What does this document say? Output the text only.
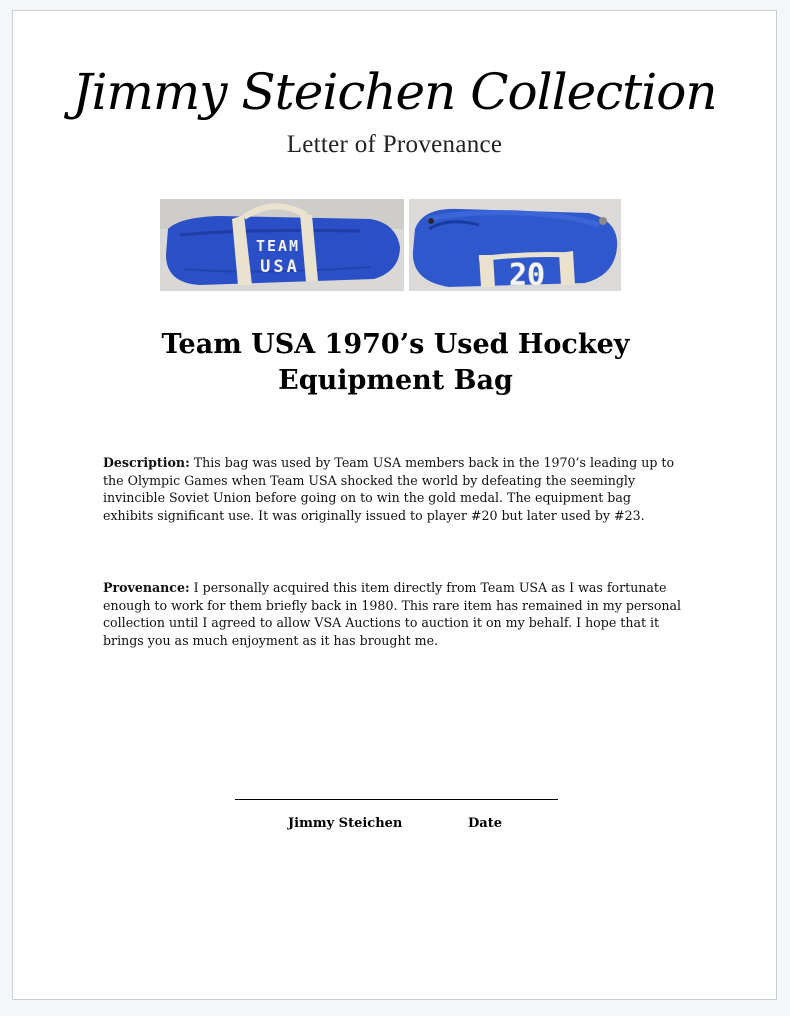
Jimmy Steichen Collection
Letter of Provenance
TEAM
USA	20
Team USA 1970’s Used Hockey Equipment Bag
Description: This bag was used by Team USA members back in the 1970’s leading up to the Olympic Games when Team USA shocked the world by defeating the seemingly invincible Soviet Union before going on to win the gold medal. The equipment bag exhibits significant use. It was originally issued to player #20 but later used by #23.
Provenance: I personally acquired this item directly from Team USA as I was fortunate enough to work for them briefly back in 1980. This rare item has remained in my personal collection until I agreed to allow VSA Auctions to auction it on my behalf. I hope that it brings you as much enjoyment as it has brought me.
Jimmy Steichen	Date
